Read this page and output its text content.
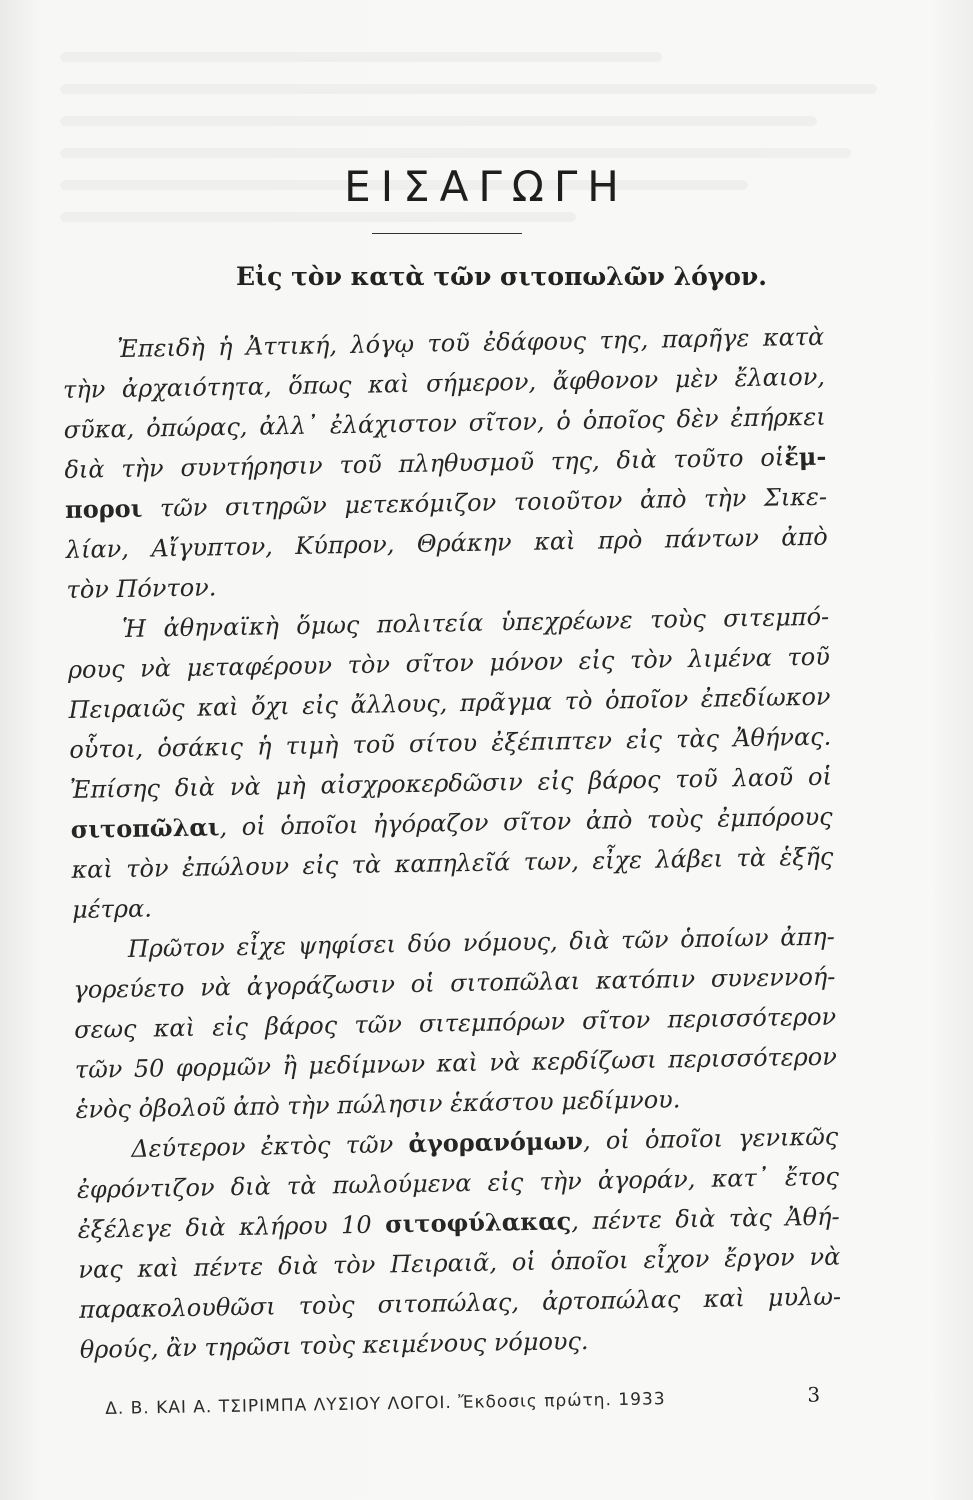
ΕΙΣΑΓΩΓΗ
Εἰς τὸν κατὰ τῶν σιτοπωλῶν λόγον.
Ἐπειδὴ ἡ Ἀττική, λόγῳ τοῦ ἐδάφους της, παρῆγε κατὰ
τὴν ἀρχαιότητα, ὅπως καὶ σήμερον, ἄφθονον μὲν ἔλαιον,
σῦκα, ὀπώρας, ἀλλ᾽ ἐλάχιστον σῖτον, ὁ ὁποῖος δὲν ἐπήρκει
διὰ τὴν συντήρησιν τοῦ πληθυσμοῦ της, διὰ τοῦτο οἱἔμ-
ποροι τῶν σιτηρῶν μετεκόμιζον τοιοῦτον ἀπὸ τὴν Σικε-
λίαν, Αἴγυπτον, Κύπρον, Θράκην καὶ πρὸ πάντων ἀπὸ
τὸν Πόντον.
Ἡ ἀθηναϊκὴ ὅμως πολιτεία ὑπεχρέωνε τοὺς σιτεμπό-
ρους νὰ μεταφέρουν τὸν σῖτον μόνον εἰς τὸν λιμένα τοῦ
Πειραιῶς καὶ ὄχι εἰς ἄλλους, πρᾶγμα τὸ ὁποῖον ἐπεδίωκον
οὗτοι, ὁσάκις ἡ τιμὴ τοῦ σίτου ἐξέπιπτεν εἰς τὰς Ἀθήνας.
Ἐπίσης διὰ νὰ μὴ αἰσχροκερδῶσιν εἰς βάρος τοῦ λαοῦ οἱ
σιτοπῶλαι, οἱ ὁποῖοι ἠγόραζον σῖτον ἀπὸ τοὺς ἐμπόρους
καὶ τὸν ἐπώλουν εἰς τὰ καπηλεῖά των, εἶχε λάβει τὰ ἑξῆς
μέτρα.
Πρῶτον εἶχε ψηφίσει δύο νόμους, διὰ τῶν ὁποίων ἀπη-
γορεύετο νὰ ἀγοράζωσιν οἱ σιτοπῶλαι κατόπιν συνεννοή-
σεως καὶ εἰς βάρος τῶν σιτεμπόρων σῖτον περισσότερον
τῶν 50 φορμῶν ἢ μεδίμνων καὶ νὰ κερδίζωσι περισσότερον
ἑνὸς ὀβολοῦ ἀπὸ τὴν πώλησιν ἑκάστου μεδίμνου.
Δεύτερον ἐκτὸς τῶν ἀγορανόμων, οἱ ὁποῖοι γενικῶς
ἐφρόντιζον διὰ τὰ πωλούμενα εἰς τὴν ἀγοράν, κατ᾽ ἔτος
ἐξέλεγε διὰ κλήρου 10 σιτοφύλακας, πέντε διὰ τὰς Ἀθή-
νας καὶ πέντε διὰ τὸν Πειραιᾶ, οἱ ὁποῖοι εἶχον ἔργον νὰ
παρακολουθῶσι τοὺς σιτοπώλας, ἀρτοπώλας καὶ μυλω-
θρούς, ἂν τηρῶσι τοὺς κειμένους νόμους.
Δ. Β. ΚΑΙ Α. ΤΣΙΡΙΜΠΑ ΛΥΣΙΟΥ ΛΟΓΟΙ. Ἔκδοσις πρώτη. 1933	3
